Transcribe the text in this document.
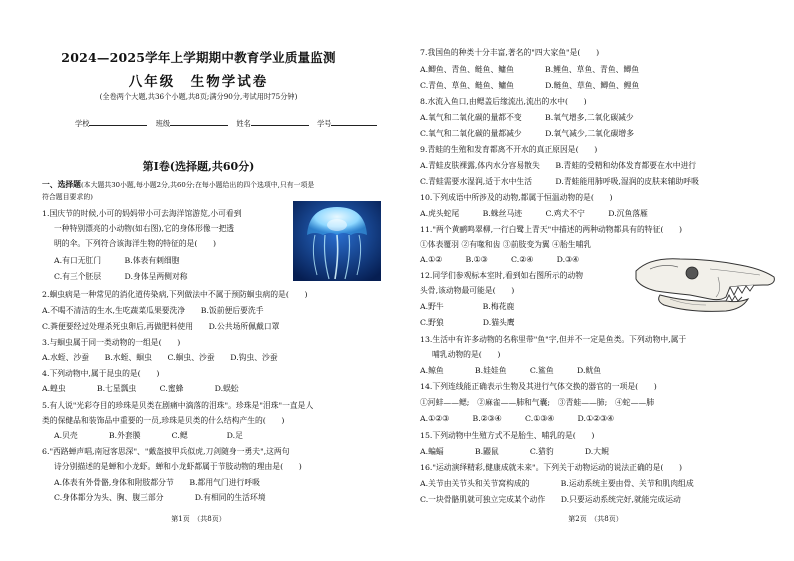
2024—2025学年上学期期中教育学业质量监测
八年级　生物学试卷
(全卷两个大题,共36个小题,共8页;满分90分,考试用时75分钟)
学校	班级	姓名	学号
第Ⅰ卷(选择题,共60分)
一、选择题(本大题共30小题,每小题2分,共60分;在每小题给出的四个选项中,只有一项是
符合题目要求的)
1.国庆节的时候,小可的妈妈带小可去海洋馆游览,小可看到
一种特别漂亮的小动物(如右图),它的身体形像一把透
明的伞。下列符合该海洋生物的特征的是(　　)
A.有口无肛门　　　B.体表有刺细胞
C.有三个胚层　　　D.身体呈两侧对称
2.蛔虫病是一种常见的消化道传染病,下列做法中不属于预防蛔虫病的是(　　)
A.不喝不清洁的生水,生吃蔬菜瓜果要洗净　　B.饭前便后要洗手
C.粪便要经过处理杀死虫卵后,再做肥料使用　　D.公共场所佩戴口罩
3.与蛔虫属于同一类动物的一组是(　　)
A.水蛭、沙蚕　　B.水蛭、蛔虫　　C.蛔虫、沙蚕　　D.钩虫、沙蚕
4.下列动物中,属于昆虫的是(　　)
A.蝗虫　　　　B.七星瓢虫　　　C.蜜蜂　　　　D.蜈蚣
5.有人说"光彩夺目的珍珠是贝类在剧痛中滴落的泪珠"。珍珠是"泪珠"一直是人
类的保健品和装饰品中重要的一员,珍珠是贝类的什么结构产生的(　　)
A.贝壳　　　　B.外套膜　　　　C.鳃　　　　　D.足
6."西路蝉声唱,南冠客思深"、"戴盔披甲兵似虎,刀剑随身一勇夫",这两句
诗分别描述的是蝉和小龙虾。蝉和小龙虾都属于节肢动物的理由是(　　)
A.体表有外骨骼,身体和附肢都分节　　B.都用气门进行呼吸
C.身体都分为头、胸、腹三部分　　　　D.有相同的生活环境
第1页　（共8页）
7.我国鱼的种类十分丰富,著名的"四大家鱼"是(　　)
A.鲫鱼、青鱼、鲢鱼、鳙鱼　　　　B.鲤鱼、草鱼、青鱼、鲫鱼
C.青鱼、草鱼、鲢鱼、鳙鱼　　　　D.鲢鱼、草鱼、鲫鱼、鲤鱼
8.水流入鱼口,由鳃盖后缘流出,流出的水中(　　)
A.氧气和二氧化碳的量都不变　　　B.氧气增多,二氧化碳减少
C.氧气和二氧化碳的量都减少　　　D.氧气减少,二氧化碳增多
9.青蛙的生殖和发育都离不开水的真正原因是(　　)
A.青蛙皮肤裸露,体内水分容易散失　　B.青蛙的受精和幼体发育都要在水中进行
C.青蛙需要水湿润,适于水中生活　　　D.青蛙能用肺呼吸,湿润的皮肤来辅助呼吸
10.下列成语中所涉及的动物,都属于恒温动物的是(　　)
A.虎头蛇尾　　　B.蛛丝马迹　　　C.鸡犬不宁　　　D.沉鱼落雁
11."两个黄鹂鸣翠柳,一行白鹭上青天"中描述的两种动物都具有的特征(　　)
①体表覆羽 ②有喙和齿 ③前肢变为翼 ④胎生哺乳
A.①②　　　B.①③　　　C.②④　　　D.③④
12.同学们参观标本室时,看到如右图所示的动物
头骨,该动物最可能是(　　)
A.野牛　　　　　B.梅花鹿
C.野狼　　　　　D.猫头鹰
13.生活中有许多动物的名称里带"鱼"字,但并不一定是鱼类。下列动物中,属于
哺乳动物的是(　　)
A.鲸鱼　　　　B.娃娃鱼　　　C.鲨鱼　　　D.鱿鱼
14.下列连线能正确表示生物及其进行气体交换的器官的一项是(　　)
①河蚌——鳃;　②麻雀——肺和气囊;　③青蛙——肺;　④蛇——肺
A.①②③　　　B.②③④　　　C.①③④　　　D.①②③④
15.下列动物中生殖方式不是胎生、哺乳的是(　　)
A.蝙蝠　　　　B.鼹鼠　　　　C.猎豹　　　　D.大鲵
16."运动演绎精彩,健康成就未来"。下列关于动物运动的说法正确的是(　　)
A.关节由关节头和关节窝构成的　　　　B.运动系统主要由骨、关节和肌肉组成
C.一块骨骼肌就可独立完成某个动作　　D.只要运动系统完好,就能完成运动
第2页　（共8页）
